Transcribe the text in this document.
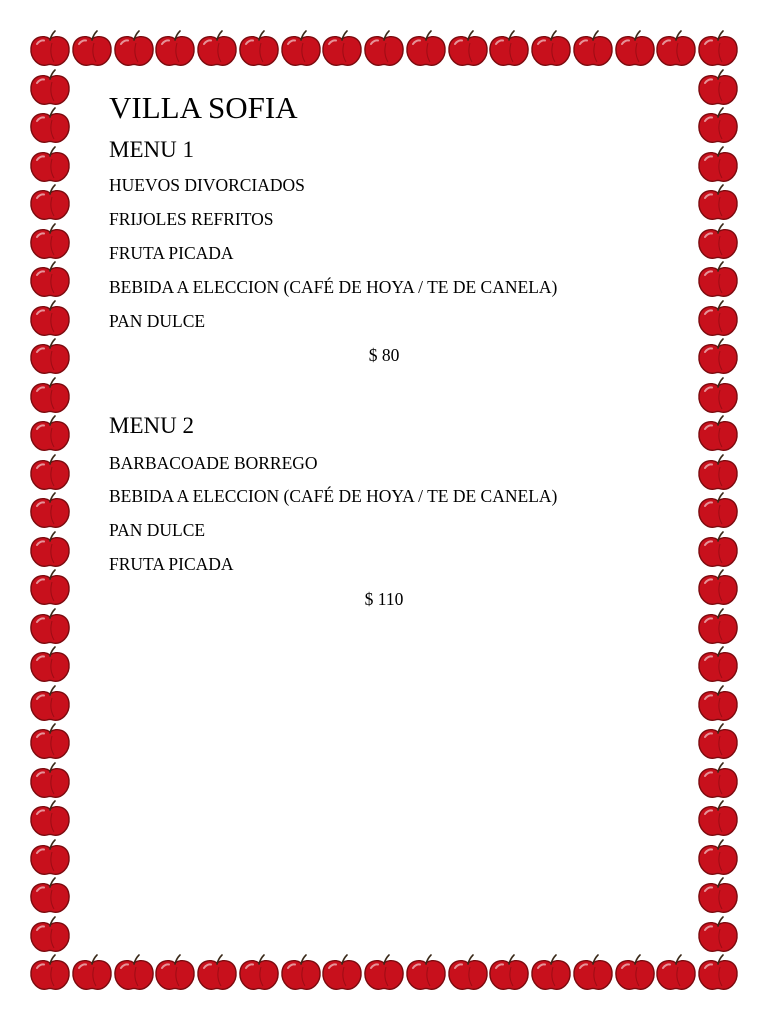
VILLA SOFIA
MENU 1

HUEVOS DIVORCIADOS

FRIJOLES REFRITOS

FRUTA PICADA

BEBIDA A ELECCION (CAFÉ DE HOYA / TE DE CANELA)

PAN DULCE

$ 80

MENU 2

BARBACOADE BORREGO

BEBIDA A ELECCION (CAFÉ DE HOYA / TE DE CANELA)

PAN DULCE

FRUTA PICADA

$ 110
